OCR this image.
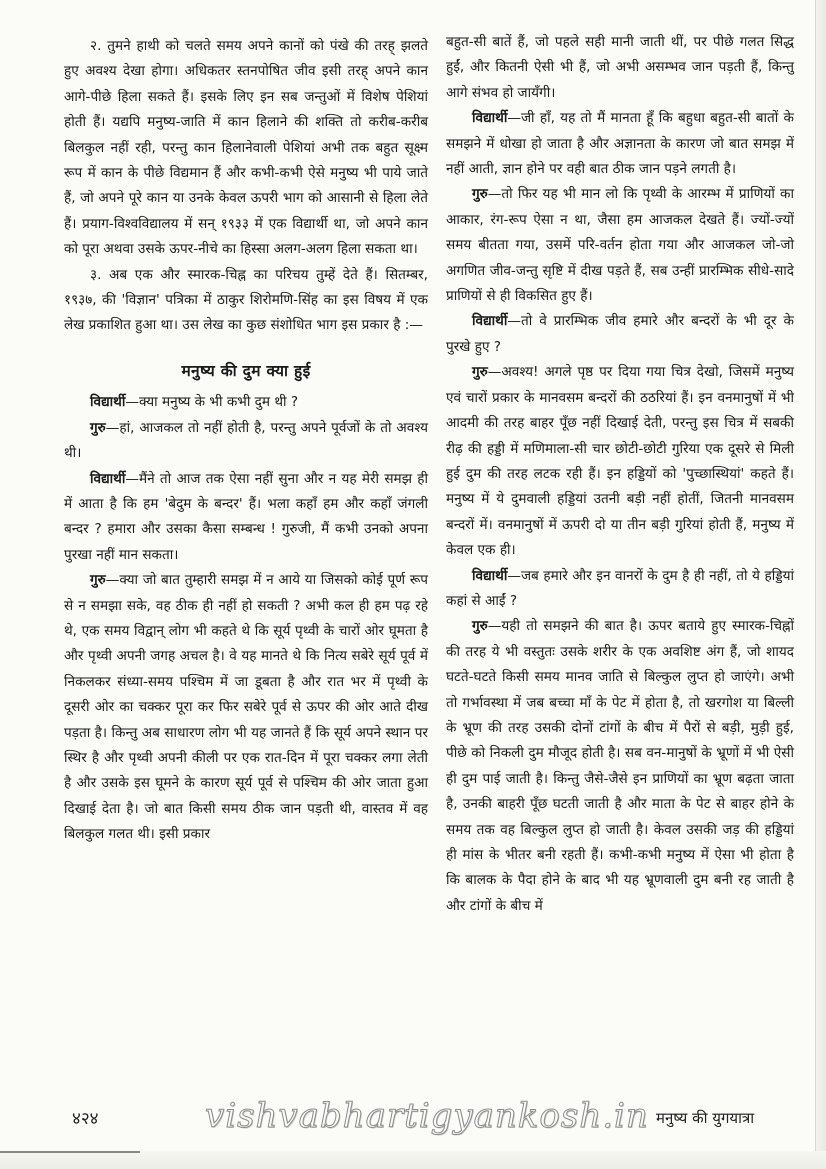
२. तुमने हाथी को चलते समय अपने कानों को पंखे की तरह् झलते हुए अवश्य देखा होगा। अधिकतर स्तनपोषित जीव इसी तरह् अपने कान आगे-पीछे हिला सकते हैं। इसके लिए इन सब जन्तुओं में विशेष पेशियां होती हैं। यद्यपि मनुष्य-जाति में कान हिलाने की शक्ति तो करीब-करीब बिलकुल नहीं रही, परन्तु कान हिलानेवाली पेशियां अभी तक बहुत सूक्ष्म रूप में कान के पीछे विद्यमान हैं और कभी-कभी ऐसे मनुष्य भी पाये जाते हैं, जो अपने पूरे कान या उनके केवल ऊपरी भाग को आसानी से हिला लेते हैं। प्रयाग-विश्वविद्यालय में सन् १९३३ में एक विद्यार्थी था, जो अपने कान को पूरा अथवा उसके ऊपर-नीचे का हिस्सा अलग-अलग हिला सकता था।

३. अब एक और स्मारक-चिह्न का परिचय तुम्हें देते हैं। सितम्बर, १९३७, की 'विज्ञान' पत्रिका में ठाकुर शिरोमणि-सिंह का इस विषय में एक लेख प्रकाशित हुआ था। उस लेख का कुछ संशोधित भाग इस प्रकार है :—

मनुष्य की दुम क्या हुई

विद्यार्थी—क्या मनुष्य के भी कभी दुम थी ?

गुरु—हां, आजकल तो नहीं होती है, परन्तु अपने पूर्वजों के तो अवश्य थी।

विद्यार्थी—मैंने तो आज तक ऐसा नहीं सुना और न यह मेरी समझ ही में आता है कि हम 'बेदुम के बन्दर' हैं। भला कहाँ हम और कहाँ जंगली बन्दर ? हमारा और उसका कैसा सम्बन्ध ! गुरुजी, मैं कभी उनको अपना पुरखा नहीं मान सकता।

गुरु—क्या जो बात तुम्हारी समझ में न आये या जिसको कोई पूर्ण रूप से न समझा सके, वह ठीक ही नहीं हो सकती ? अभी कल ही हम पढ़ रहे थे, एक समय विद्वान् लोग भी कहते थे कि सूर्य पृथ्वी के चारों ओर घूमता है और पृथ्वी अपनी जगह अचल है। वे यह मानते थे कि नित्य सबेरे सूर्य पूर्व में निकलकर संध्या-समय पश्चिम में जा डूबता है और रात भर में पृथ्वी के दूसरी ओर का चक्कर पूरा कर फिर सबेरे पूर्व से ऊपर की ओर आते दीख पड़ता है। किन्तु अब साधारण लोग भी यह जानते हैं कि सूर्य अपने स्थान पर स्थिर है और पृथ्वी अपनी कीली पर एक रात-दिन में पूरा चक्कर लगा लेती है और उसके इस घूमने के कारण सूर्य पूर्व से पश्चिम की ओर जाता हुआ दिखाई देता है। जो बात किसी समय ठीक जान पड़ती थी, वास्तव में वह बिलकुल गलत थी। इसी प्रकार

बहुत-सी बातें हैं, जो पहले सही मानी जाती थीं, पर पीछे गलत सिद्ध हुईं, और कितनी ऐसी भी हैं, जो अभी असम्भव जान पड़ती हैं, किन्तु आगे संभव हो जायँगी।

विद्यार्थी—जी हाँ, यह तो मैं मानता हूँ कि बहुधा बहुत-सी बातों के समझने में धोखा हो जाता है और अज्ञानता के कारण जो बात समझ में नहीं आती, ज्ञान होने पर वही बात ठीक जान पड़ने लगती है।

गुरु—तो फिर यह भी मान लो कि पृथ्वी के आरम्भ में प्राणियों का आकार, रंग-रूप ऐसा न था, जैसा हम आजकल देखते हैं। ज्यों-ज्यों समय बीतता गया, उसमें परि-वर्तन होता गया और आजकल जो-जो अगणित जीव-जन्तु सृष्टि में दीख पड़ते हैं, सब उन्हीं प्रारम्भिक सीधे-सादे प्राणियों से ही विकसित हुए हैं।

विद्यार्थी—तो वे प्रारम्भिक जीव हमारे और बन्दरों के भी दूर के पुरखे हुए ?

गुरु—अवश्य! अगले पृष्ठ पर दिया गया चित्र देखो, जिसमें मनुष्य एवं चारों प्रकार के मानवसम बन्दरों की ठठरियां हैं। इन वनमानुषों में भी आदमी की तरह बाहर पूँछ नहीं दिखाई देती, परन्तु इस चित्र में सबकी रीढ़ की हड्डी में मणिमाला-सी चार छोटी-छोटी गुरिया एक दूसरे से मिली हुई दुम की तरह लटक रही हैं। इन हड्डियों को 'पुच्छास्थियां' कहते हैं। मनुष्य में ये दुमवाली हड्डियां उतनी बड़ी नहीं होतीं, जितनी मानवसम बन्दरों में। वनमानुषों में ऊपरी दो या तीन बड़ी गुरियां होती हैं, मनुष्य में केवल एक ही।

विद्यार्थी—जब हमारे और इन वानरों के दुम है ही नहीं, तो ये हड्डियां कहां से आईं ?

गुरु—यही तो समझने की बात है। ऊपर बताये हुए स्मारक-चिह्नों की तरह ये भी वस्तुतः उसके शरीर के एक अवशिष्ट अंग हैं, जो शायद घटते-घटते किसी समय मानव जाति से बिल्कुल लुप्त हो जाएंगे। अभी तो गर्भावस्था में जब बच्चा माँ के पेट में होता है, तो खरगोश या बिल्ली के भ्रूण की तरह उसकी दोनों टांगों के बीच में पैरों से बड़ी, मुड़ी हुई, पीछे को निकली दुम मौजूद होती है। सब वन-मानुषों के भ्रूणों में भी ऐसी ही दुम पाई जाती है। किन्तु जैसे-जैसे इन प्राणियों का भ्रूण बढ़ता जाता है, उनकी बाहरी पूँछ घटती जाती है और माता के पेट से बाहर होने के समय तक वह बिल्कुल लुप्त हो जाती है। केवल उसकी जड़ की हड्डियां ही मांस के भीतर बनी रहती हैं। कभी-कभी मनुष्य में ऐसा भी होता है कि बालक के पैदा होने के बाद भी यह भ्रूणवाली दुम बनी रह जाती है और टांगों के बीच में

४२४	vishvabhartigyankosh.in मनुष्य की युगयात्रा
